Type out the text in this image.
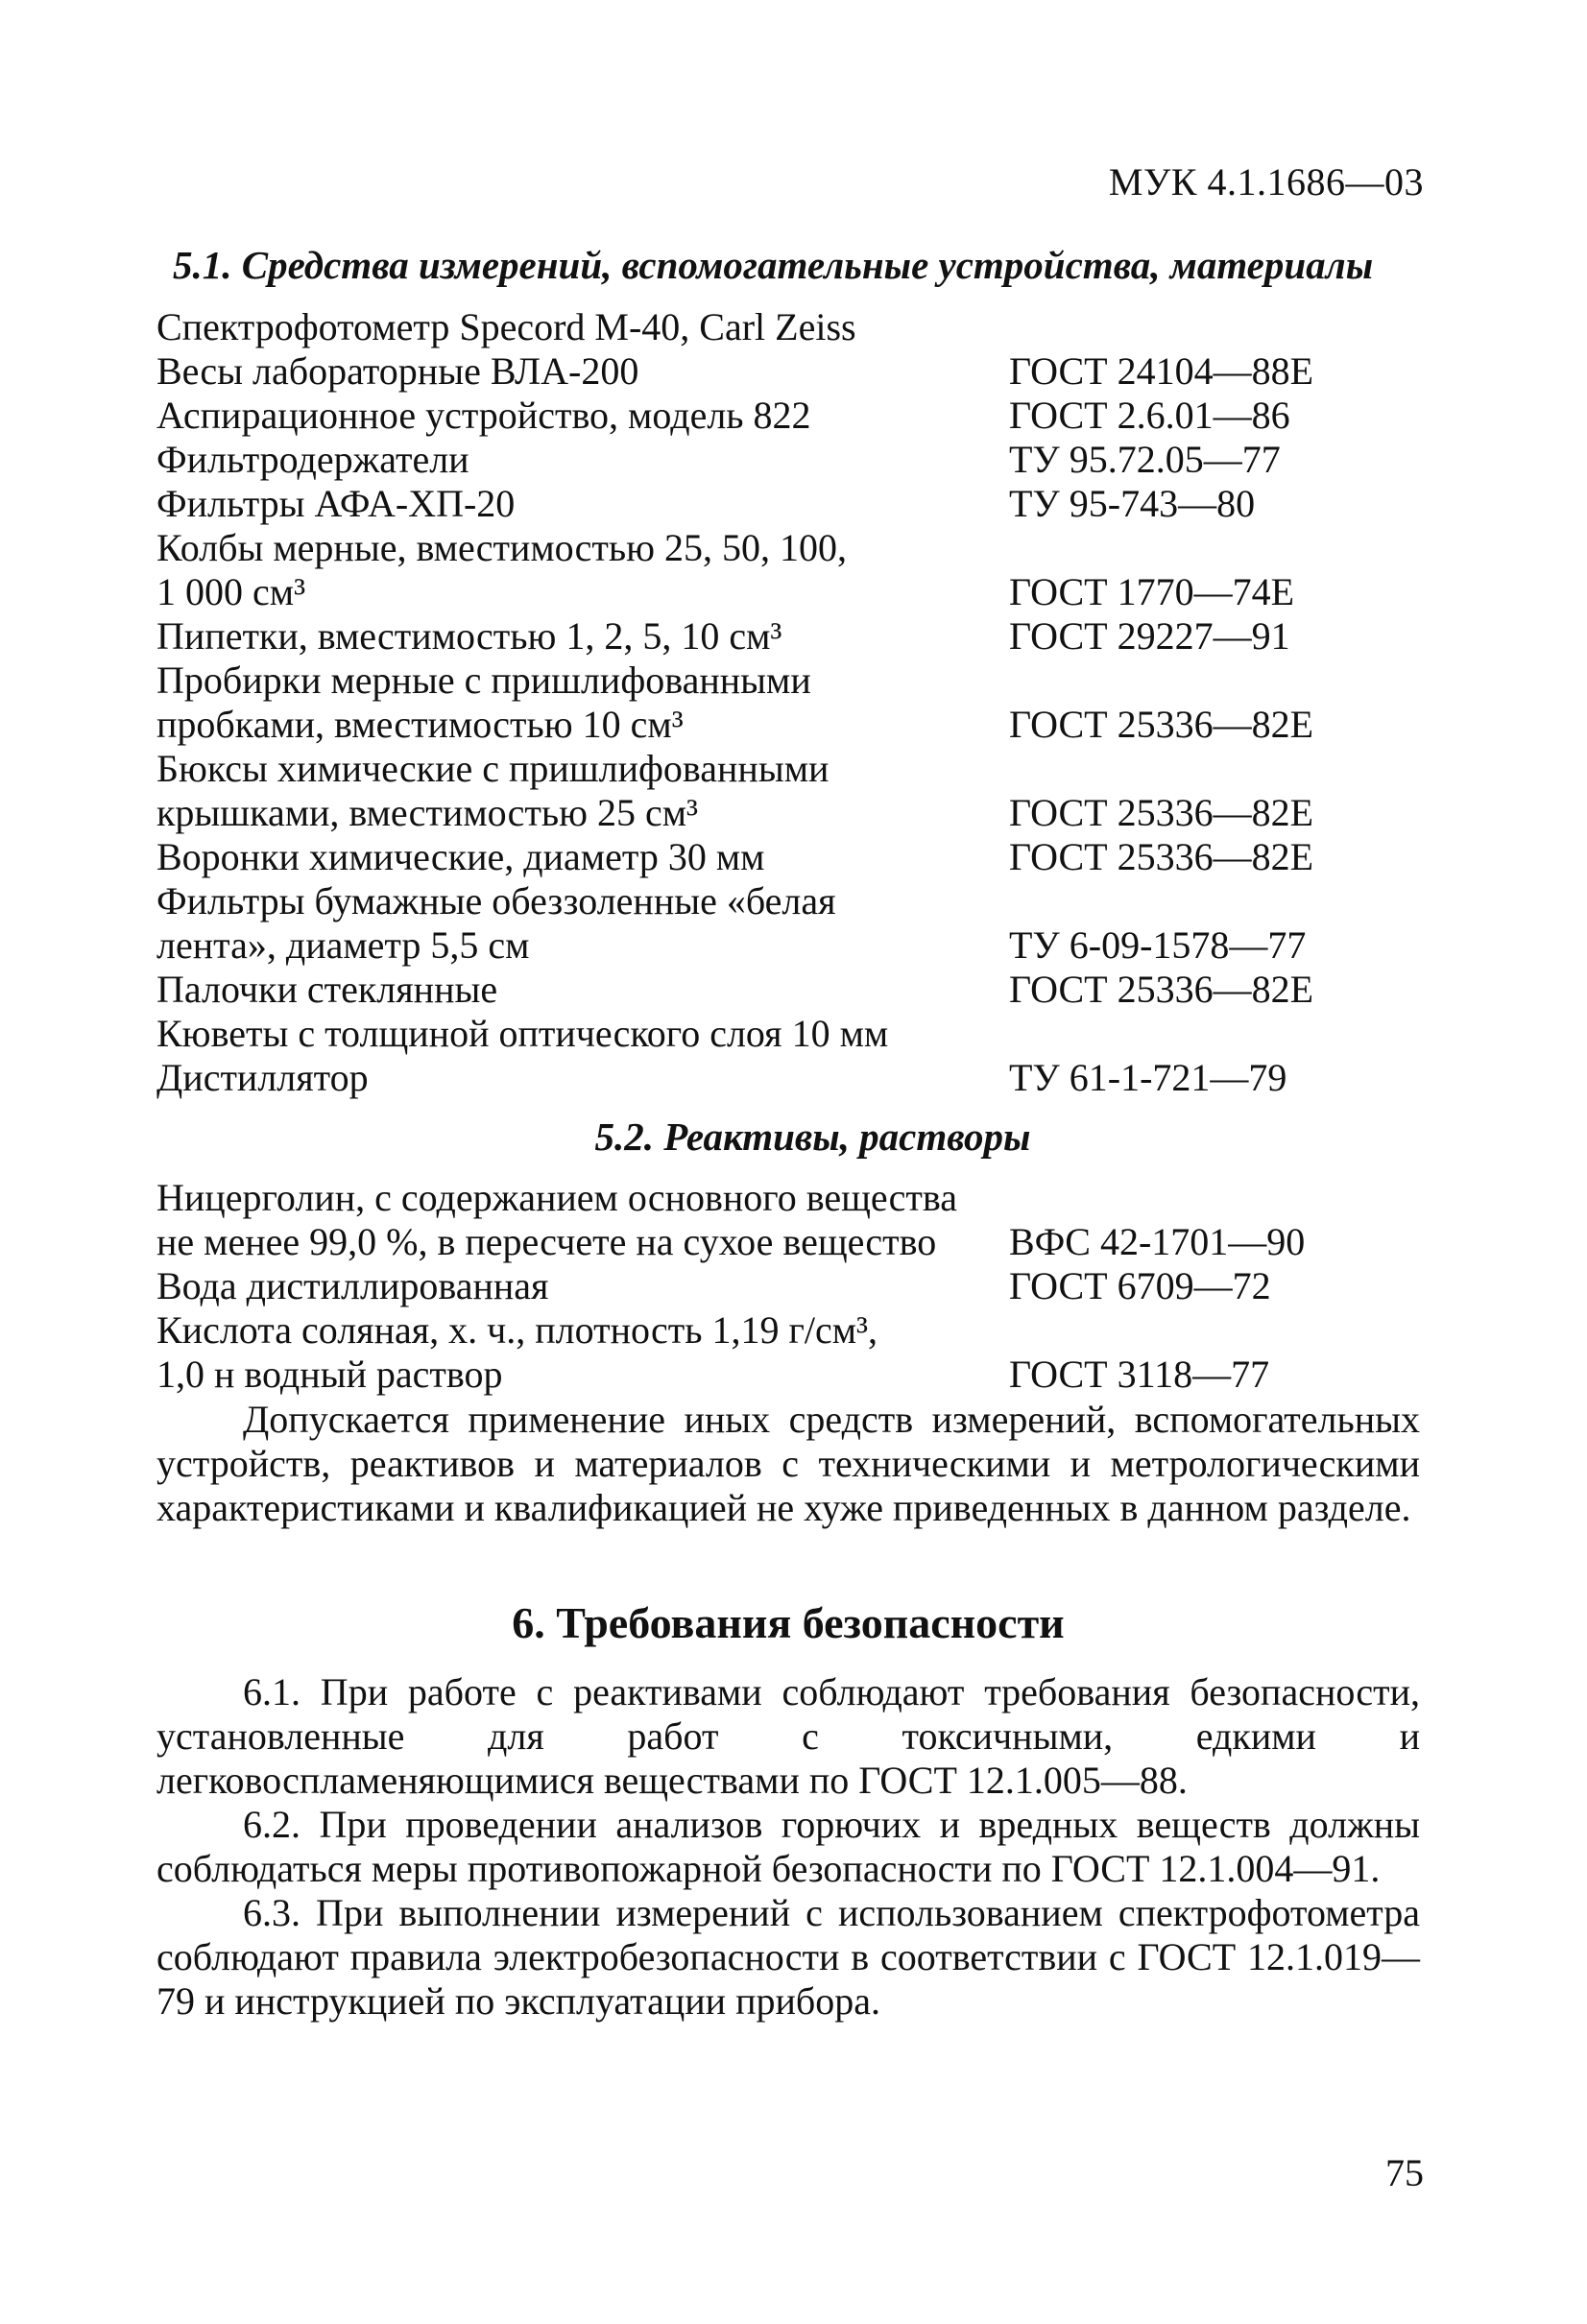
МУК 4.1.1686—03
5.1. Средства измерений, вспомогательные устройства, материалы
Спектрофотометр Specord M-40, Carl Zeiss
Весы лабораторные ВЛА-200	ГОСТ 24104—88Е
Аспирационное устройство, модель 822	ГОСТ 2.6.01—86
Фильтродержатели	ТУ 95.72.05—77
Фильтры АФА-ХП-20	ТУ 95-743—80
Колбы мерные, вместимостью 25, 50, 100,
1 000 см³	ГОСТ 1770—74Е
Пипетки, вместимостью 1, 2, 5, 10 см³	ГОСТ 29227—91
Пробирки мерные с пришлифованными
пробками, вместимостью 10 см³	ГОСТ 25336—82Е
Бюксы химические с пришлифованными
крышками, вместимостью 25 см³	ГОСТ 25336—82Е
Воронки химические, диаметр 30 мм	ГОСТ 25336—82Е
Фильтры бумажные обеззоленные «белая
лента», диаметр 5,5 см	ТУ 6-09-1578—77
Палочки стеклянные	ГОСТ 25336—82Е
Кюветы с толщиной оптического слоя 10 мм
Дистиллятор	ТУ 61-1-721—79
5.2. Реактивы, растворы
Ницерголин, с содержанием основного вещества
не менее 99,0 %, в пересчете на сухое вещество	ВФС 42-1701—90
Вода дистиллированная	ГОСТ 6709—72
Кислота соляная, х. ч., плотность 1,19 г/см³,
1,0 н водный раствор	ГОСТ 3118—77
Допускается применение иных средств измерений, вспомогательных устройств, реактивов и материалов с техническими и метрологическими характеристиками и квалификацией не хуже приведенных в данном разделе.
6. Требования безопасности
6.1. При работе с реактивами соблюдают требования безопасности, установленные для работ с токсичными, едкими и легковоспламеняющимися веществами по ГОСТ 12.1.005—88.
6.2. При проведении анализов горючих и вредных веществ должны соблюдаться меры противопожарной безопасности по ГОСТ 12.1.004—91.
6.3. При выполнении измерений с использованием спектрофотометра соблюдают правила электробезопасности в соответствии с ГОСТ 12.1.019—79 и инструкцией по эксплуатации прибора.
75
